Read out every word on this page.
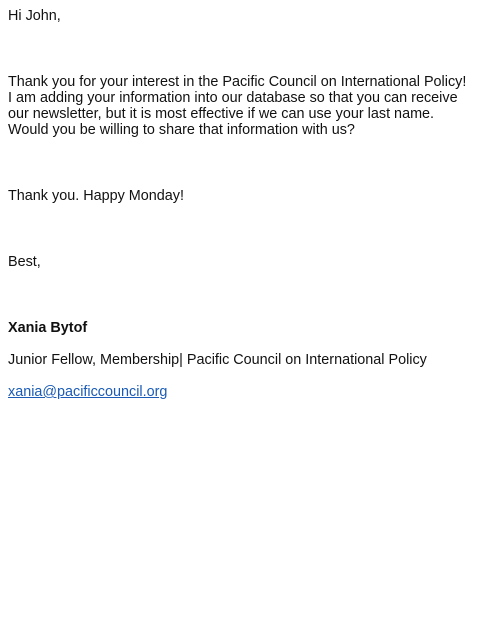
Hi John,

Thank you for your interest in the Pacific Council on International Policy! I am adding your information into our database so that you can receive our newsletter, but it is most effective if we can use your last name. Would you be willing to share that information with us?

Thank you. Happy Monday!

Best,

Xania Bytof

Junior Fellow, Membership| Pacific Council on International Policy

xania@pacificcouncil.org
